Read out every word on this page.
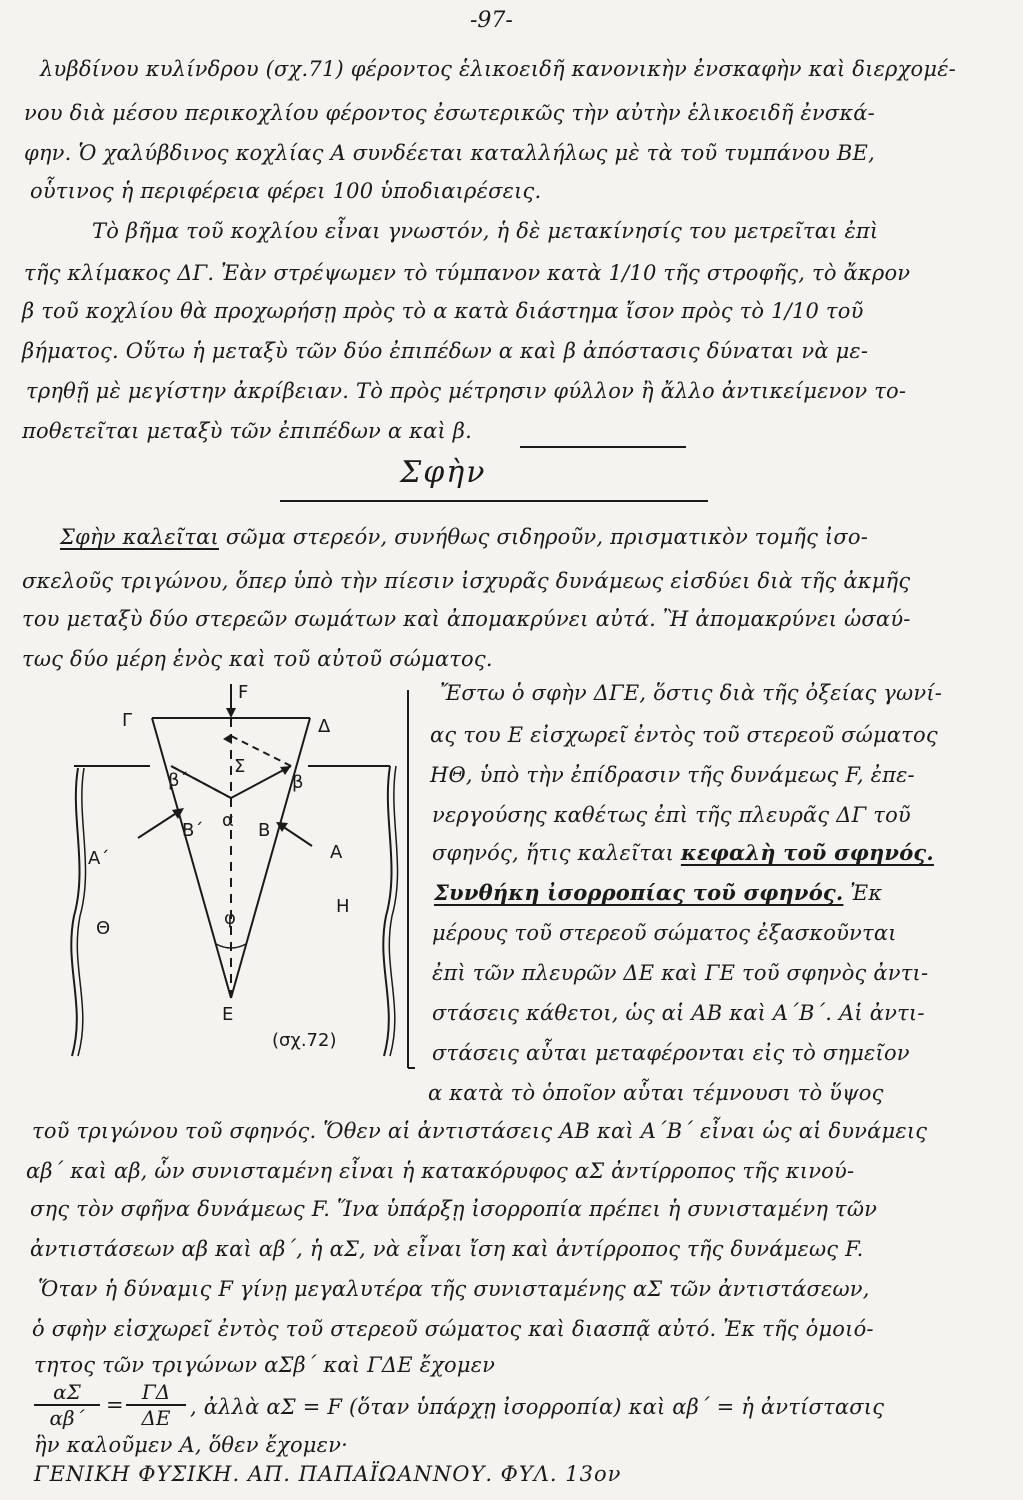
-97-
λυβδίνου κυλίνδρου (σχ.71) φέροντος ἑλικοειδῆ κανονικὴν ἐνσκαφὴν καὶ διερχομέ-
νου διὰ μέσου περικοχλίου φέροντος ἐσωτερικῶς τὴν αὐτὴν ἑλικοειδῆ ἐνσκά-
φην. Ὁ χαλύβδινος κοχλίας Α συνδέεται καταλλήλως μὲ τὰ τοῦ τυμπάνου ΒΕ,
οὗτινος ἡ περιφέρεια φέρει 100 ὑποδιαιρέσεις.
Τὸ βῆμα τοῦ κοχλίου εἶναι γνωστόν, ἡ δὲ μετακίνησίς του μετρεῖται ἐπὶ
τῆς κλίμακος ΔΓ. Ἐὰν στρέψωμεν τὸ τύμπανον κατὰ 1/10 τῆς στροφῆς, τὸ ἄκρον
β τοῦ κοχλίου θὰ προχωρήσῃ πρὸς τὸ α κατὰ διάστημα ἴσον πρὸς τὸ 1/10 τοῦ
βήματος. Οὕτω ἡ μεταξὺ τῶν δύο ἐπιπέδων α καὶ β ἀπόστασις δύναται νὰ με-
τρηθῇ μὲ μεγίστην ἀκρίβειαν. Τὸ πρὸς μέτρησιν φύλλον ἢ ἄλλο ἀντικείμενον το-
ποθετεῖται μεταξὺ τῶν ἐπιπέδων α καὶ β.
Σφὴν
Σφὴν καλεῖται σῶμα στερεόν, συνήθως σιδηροῦν, πρισματικὸν τομῆς ἰσο-
σκελοῦς τριγώνου, ὅπερ ὑπὸ τὴν πίεσιν ἰσχυρᾶς δυνάμεως εἰσδύει διὰ τῆς ἀκμῆς
του μεταξὺ δύο στερεῶν σωμάτων καὶ ἀπομακρύνει αὐτά. Ἢ ἀπομακρύνει ὡσαύ-
τως δύο μέρη ἑνὸς καὶ τοῦ αὐτοῦ σώματος.
F
Γ	Δ
β΄
Σ
β
α
Β΄	Β
Α΄	Α
Η
Θ	φ
Ε
(σχ.72)
Ἔστω ὁ σφὴν ΔΓΕ, ὅστις διὰ τῆς ὀξείας γωνί-
ας του Ε εἰσχωρεῖ ἐντὸς τοῦ στερεοῦ σώματος
ΗΘ, ὑπὸ τὴν ἐπίδρασιν τῆς δυνάμεως F, ἐπε-
νεργούσης καθέτως ἐπὶ τῆς πλευρᾶς ΔΓ τοῦ
σφηνός, ἥτις καλεῖται κεφαλὴ τοῦ σφηνός.
Συνθήκη ἰσορροπίας τοῦ σφηνός. Ἐκ
μέρους τοῦ στερεοῦ σώματος ἐξασκοῦνται
ἐπὶ τῶν πλευρῶν ΔΕ καὶ ΓΕ τοῦ σφηνὸς ἀντι-
στάσεις κάθετοι, ὡς αἱ ΑΒ καὶ Α΄Β΄. Αἱ ἀντι-
στάσεις αὗται μεταφέρονται εἰς τὸ σημεῖον
α κατὰ τὸ ὁποῖον αὗται τέμνουσι τὸ ὕψος
τοῦ τριγώνου τοῦ σφηνός. Ὅθεν αἱ ἀντιστάσεις ΑΒ καὶ Α΄Β΄ εἶναι ὡς αἱ δυνάμεις
αβ΄ καὶ αβ, ὧν συνισταμένη εἶναι ἡ κατακόρυφος αΣ ἀντίρροπος τῆς κινού-
σης τὸν σφῆνα δυνάμεως F. Ἵνα ὑπάρξῃ ἰσορροπία πρέπει ἡ συνισταμένη τῶν
ἀντιστάσεων αβ καὶ αβ΄, ἡ αΣ, νὰ εἶναι ἴση καὶ ἀντίρροπος τῆς δυνάμεως F.
Ὅταν ἡ δύναμις F γίνῃ μεγαλυτέρα τῆς συνισταμένης αΣ τῶν ἀντιστάσεων,
ὁ σφὴν εἰσχωρεῖ ἐντὸς τοῦ στερεοῦ σώματος καὶ διασπᾷ αὐτό. Ἐκ τῆς ὁμοιό-
τητος τῶν τριγώνων αΣβ΄ καὶ ΓΔΕ ἔχομεν
$\frac{\alpha\Sigma}{\alpha\beta΄} = \frac{\Gamma\Delta}{\Delta E}$ , ἀλλὰ αΣ = F (ὅταν ὑπάρχῃ ἰσορροπία) καὶ αβ΄ = ἡ ἀντίστασις
ἣν καλοῦμεν Α, ὅθεν ἔχομεν·
ΓΕΝΙΚΗ ΦΥΣΙΚΗ. ΑΠ. ΠΑΠΑΪΩΑΝΝΟΥ. ΦΥΛ. 13ον
